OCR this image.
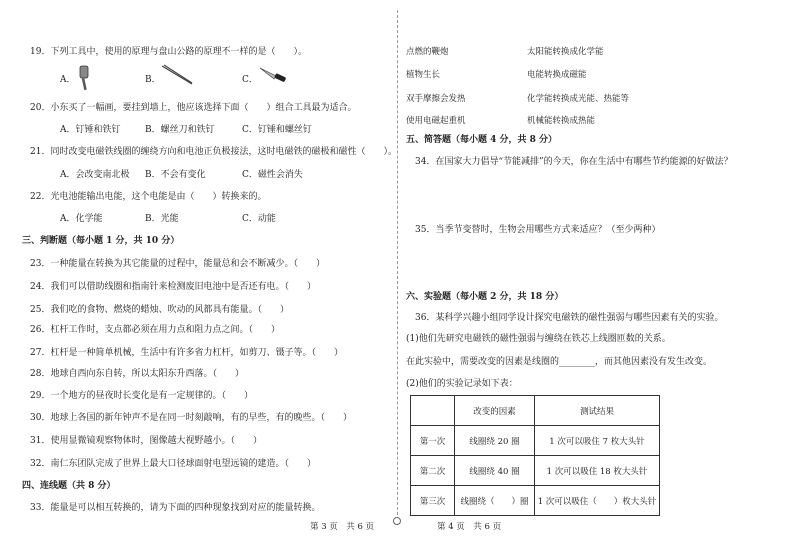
19．下列工具中，使用的原理与盘山公路的原理不一样的是（　　）。
A．	B．	C．
20．小东买了一幅画，要挂到墙上，他应该选择下面（　　）组合工具最为适合。
A．钉锤和铁钉	B．螺丝刀和铁钉	C．钉锤和螺丝钉
21．同时改变电磁铁线圈的缠绕方向和电池正负极接法，这时电磁铁的磁极和磁性（　　）。
A．会改变南北极 B．不会有变化	C．磁性会消失
22．光电池能输出电能，这个电能是由（　　）转换来的。
A．化学能	B．光能	C．动能
三、判断题（每小题 1 分，共 10 分）
23．一种能量在转换为其它能量的过程中，能量总和会不断减少。（　　）
24．我们可以借助线圈和指南针来检测废旧电池中是否还有电。（　　）
25．我们吃的食物、燃烧的蜡烛、吹动的风都具有能量。（　　）
26．杠杆工作时，支点都必须在用力点和阻力点之间。（　　）
27．杠杆是一种简单机械，生活中有许多省力杠杆，如剪刀、镊子等。（　　）
28．地球自西向东自转，所以太阳东升西落。（　　）
29．一个地方的昼夜时长变化是有一定规律的。（　　）
30．地球上各国的新年钟声不是在同一时刻敲响，有的早些，有的晚些。（　　）
31．使用显微镜观察物体时，图像越大视野越小。（　　）
32．南仁东团队完成了世界上最大口径球面射电望远镜的建造。（　　）
四、连线题（共 8 分）
33．能量是可以相互转换的，请为下面的四种现象找到对应的能量转换。
第 3 页　共 6 页
点燃的鞭炮
植物生长
双手摩擦会发热
使用电磁起重机
太阳能转换成化学能
电能转换成磁能
化学能转换成光能、热能等
机械能转换成热能
五、简答题（每小题 4 分，共 8 分）
34．在国家大力倡导“节能减排”的今天，你在生活中有哪些节约能源的好做法？
35．当季节变替时，生物会用哪些方式来适应？（至少两种）
六、实验题（每小题 2 分，共 18 分）
36．某科学兴趣小组同学设计探究电磁铁的磁性强弱与哪些因素有关的实验。
(1)他们先研究电磁铁的磁性强弱与缠绕在铁芯上线圈匝数的关系。
在此实验中，需要改变的因素是线圈的________，而其他因素没有发生改变。
(2)他们的实验记录如下表：
第 4 页　共 6 页
	改变的因素	测试结果
第一次	线圈绕 20 圈	1 次可以吸住 7 枚大头针
第二次	线圈绕 40 圈	1 次可以吸住 18 枚大头针
第三次	线圈绕（　　）圈	1 次可以吸住（　　）枚大头针
